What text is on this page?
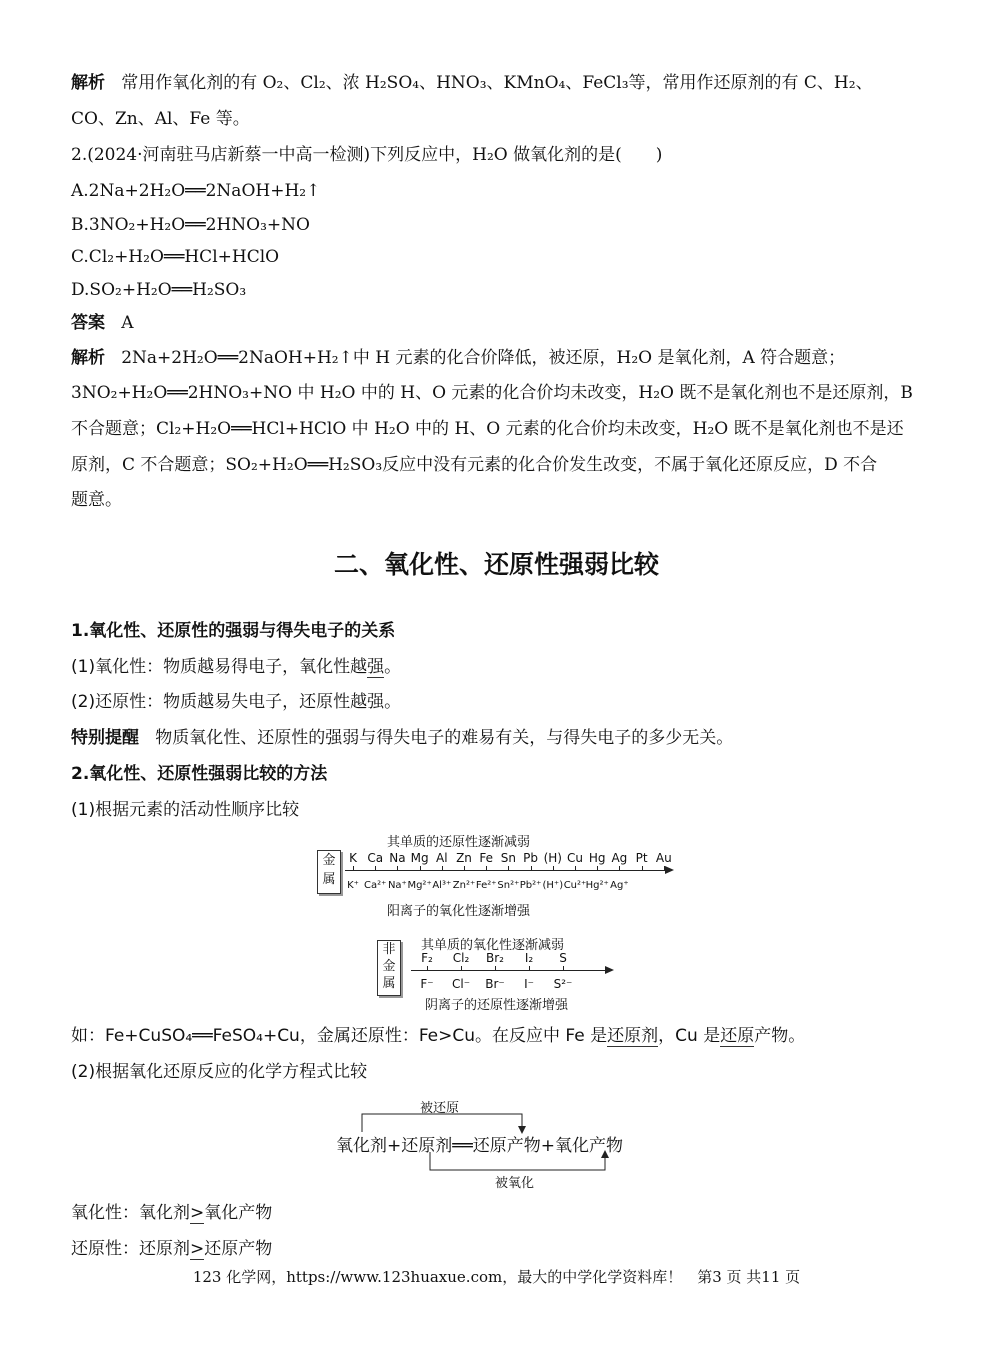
解析 常用作氧化剂的有 O₂、Cl₂、浓 H₂SO₄、HNO₃、KMnO₄、FeCl₃等，常用作还原剂的有 C、H₂、
CO、Zn、Al、Fe 等。
2.(2024·河南驻马店新蔡一中高一检测)下列反应中，H₂O 做氧化剂的是(　　)
A.2Na+2H₂O══2NaOH+H₂↑
B.3NO₂+H₂O══2HNO₃+NO
C.Cl₂+H₂O══HCl+HClO
D.SO₂+H₂O══H₂SO₃
答案 A
解析 2Na+2H₂O══2NaOH+H₂↑中 H 元素的化合价降低，被还原，H₂O 是氧化剂，A 符合题意；
3NO₂+H₂O══2HNO₃+NO 中 H₂O 中的 H、O 元素的化合价均未改变，H₂O 既不是氧化剂也不是还原剂，B
不合题意；Cl₂+H₂O══HCl+HClO 中 H₂O 中的 H、O 元素的化合价均未改变，H₂O 既不是氧化剂也不是还
原剂，C 不合题意；SO₂+H₂O══H₂SO₃反应中没有元素的化合价发生改变，不属于氧化还原反应，D 不合
题意。
二、氧化性、还原性强弱比较
1.氧化性、还原性的强弱与得失电子的关系
(1)氧化性：物质越易得电子，氧化性越强。
(2)还原性：物质越易失电子，还原性越强。
特别提醒 物质氧化性、还原性的强弱与得失电子的难易有关，与得失电子的多少无关。
2.氧化性、还原性强弱比较的方法
(1)根据元素的活动性顺序比较
金
属
其单质的还原性逐渐减弱
K Ca Na Mg Al Zn Fe Sn Pb (H) Cu Hg Ag Pt Au
K⁺ Ca²⁺ Na⁺ Mg²⁺ Al³⁺ Zn²⁺ Fe²⁺ Sn²⁺ Pb²⁺ (H⁺) Cu²⁺ Hg²⁺ Ag⁺
阳离子的氧化性逐渐增强
非
金
属
其单质的氧化性逐渐减弱
F₂ Cl₂ Br₂ I₂ S
F⁻ Cl⁻ Br⁻ I⁻ S²⁻
阴离子的还原性逐渐增强
如：Fe+CuSO₄══FeSO₄+Cu，金属还原性：Fe>Cu。在反应中 Fe 是还原剂，Cu 是还原产物。
(2)根据氧化还原反应的化学方程式比较
被还原
氧化剂+还原剂══还原产物+氧化产物
被氧化
氧化性：氧化剂>氧化产物
还原性：还原剂>还原产物
123 化学网，https://www.123huaxue.com，最大的中学化学资料库！　第3 页 共11 页
